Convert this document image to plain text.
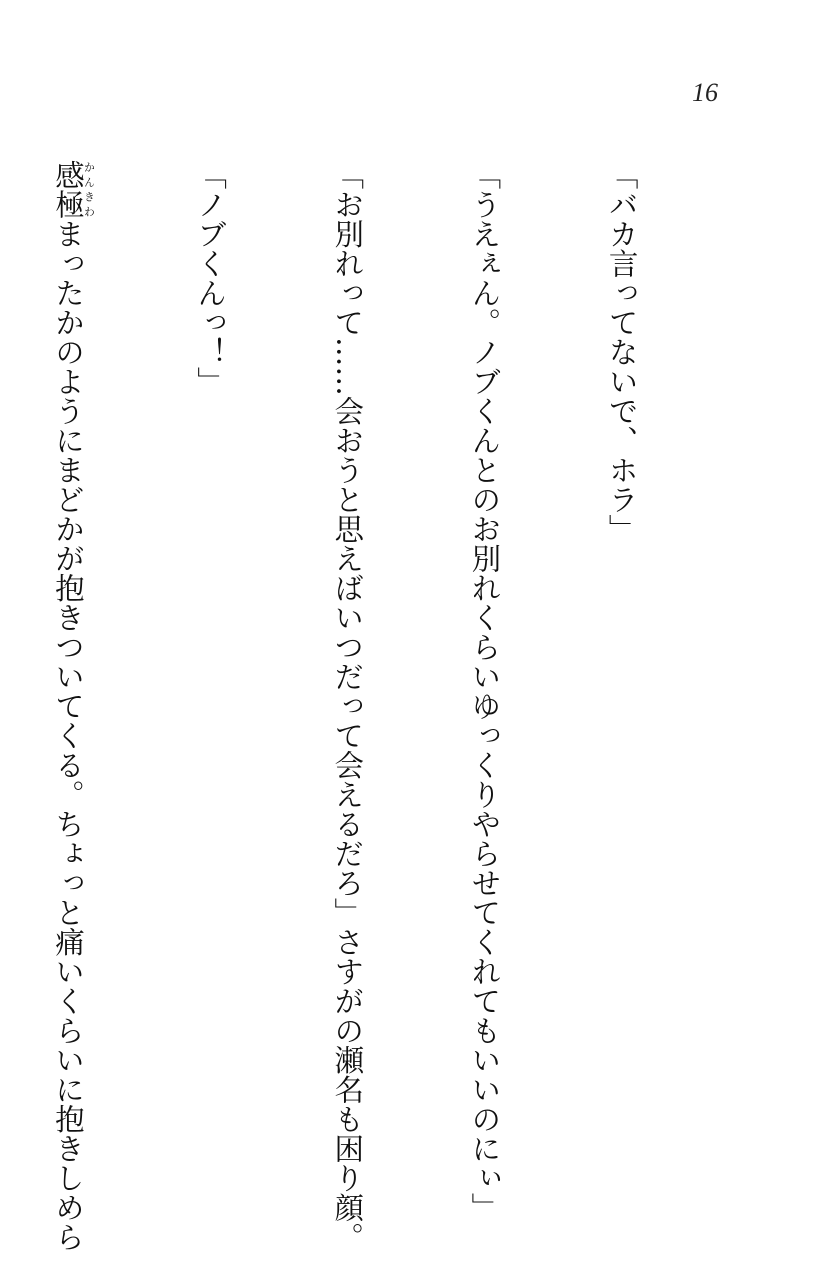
16

「バカ言ってないで、ホラ」

「うえぇん。ノブくんとのお別れくらいゆっくりやらせてくれてもいいのにぃ」

「お別れって……会おうと思えばいつだって会えるだろ」さすがの瀬名も困り顔。

「ノブくんっ！」

感極かんきわまったかのようにまどかが抱きついてくる。ちょっと痛いくらいに抱きしめら
